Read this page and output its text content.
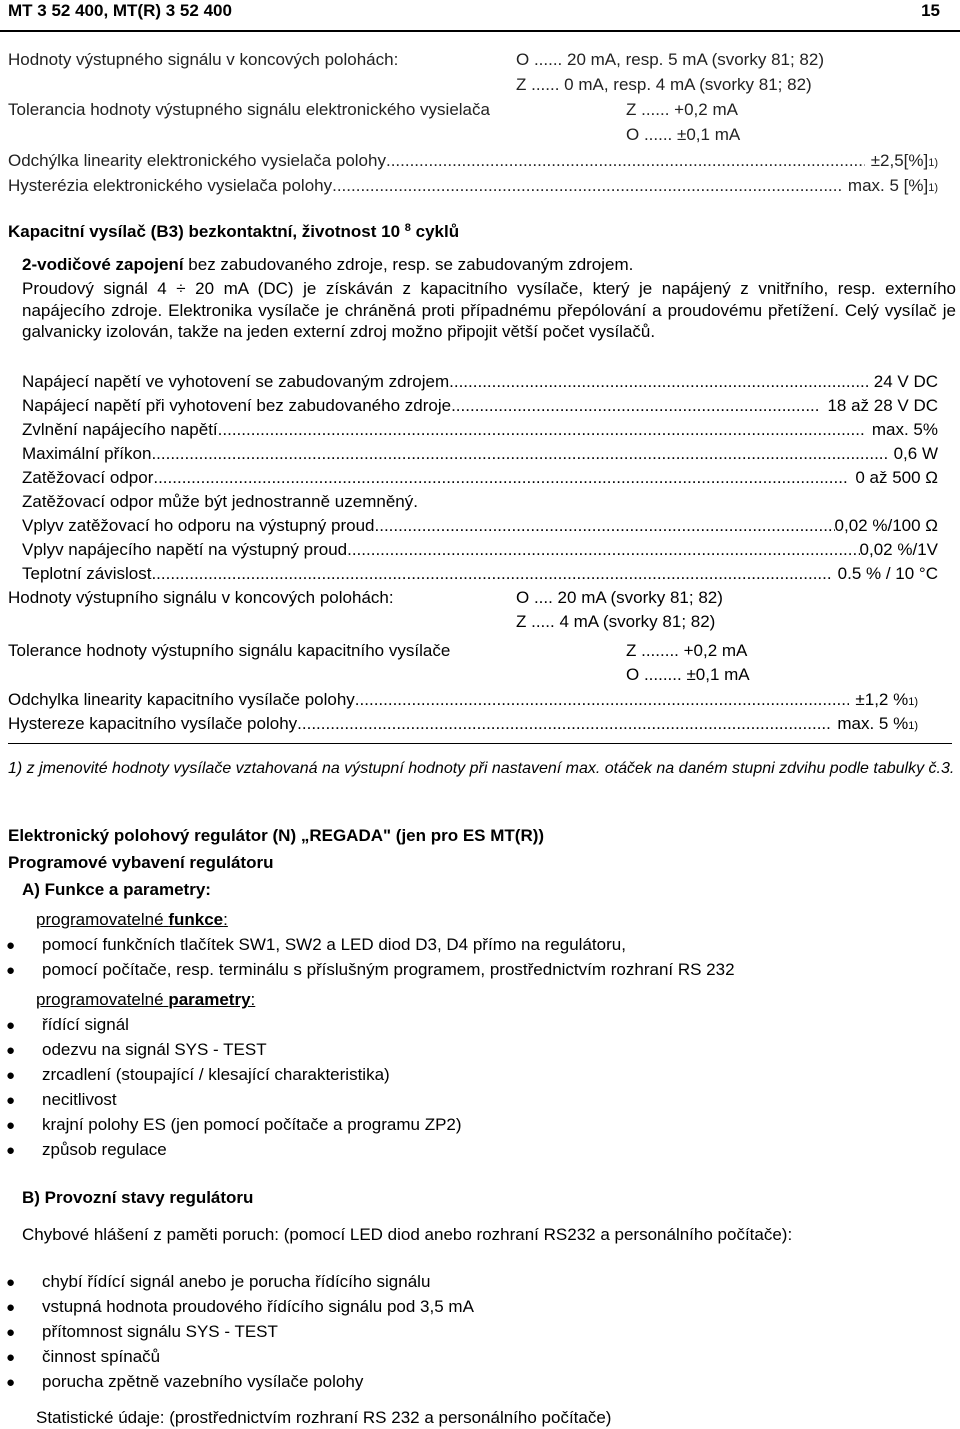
MT 3 52 400, MT(R) 3 52 400	15
Hodnoty výstupného signálu v koncových polohách:	O ...... 20 mA, resp. 5 mA (svorky 81; 82)
Z ...... 0 mA, resp. 4 mA (svorky 81; 82)
Tolerancia hodnoty výstupného signálu elektronického vysielača	Z ...... +0,2 mA
O ...... ±0,1 mA
Odchýlka linearity elektronického vysielača polohy .....	±2,5[%] 1)
Hysterézia elektronického vysielača polohy .....	max. 5 [%] 1)
Kapacitní vysílač (B3) bezkontaktní, životnost 10 $^8$ cyklů
2-vodičové zapojení bez zabudovaného zdroje, resp. se zabudovaným zdrojem.
Proudový signál 4 ÷ 20 mA (DC) je získáván z kapacitního vysílače, který je napájený z vnitřního, resp. externího napájecího zdroje. Elektronika vysílače je chráněná proti případnému přepólování a proudovému přetížení. Celý vysílač je galvanicky izolován, takže na jeden externí zdroj možno připojit větší počet vysílačů.
Napájecí napětí ve vyhotovení se zabudovaným zdrojem .....	24 V DC
Napájecí napětí při vyhotovení bez zabudovaného zdroje .....	18 až 28 V DC
Zvlnění napájecího napětí .....	max. 5%
Maximální příkon .....	0,6 W
Zatěžovací odpor .....	0 až 500 Ω
Zatěžovací odpor může být jednostranně uzemněný.
Vplyv zatěžovací ho odporu na výstupný proud .....	0,02 %/100 Ω
Vplyv napájecího napětí na výstupný proud .....	0,02 %/1V
Teplotní závislost .....	0.5 % / 10 °C
Hodnoty výstupního signálu v koncových polohách:	O .... 20 mA (svorky 81; 82)
Z ..... 4 mA (svorky 81; 82)
Tolerance hodnoty výstupního signálu kapacitního vysílače	Z ........ +0,2 mA
O ........ ±0,1 mA
Odchylka linearity kapacitního vysílače polohy .....	±1,2 % 1)
Hystereze kapacitního vysílače polohy .....	max. 5 % 1)
1) z jmenovité hodnoty vysílače vztahovaná na výstupní hodnoty při nastavení max. otáček na daném stupni zdvihu podle tabulky č.3.
Elektronický polohový regulátor (N) „REGADA" (jen pro ES MT(R))
Programové vybavení regulátoru
A) Funkce a parametry:
programovatelné funkce:
● pomocí funkčních tlačítek SW1, SW2 a LED diod D3, D4 přímo na regulátoru,
● pomocí počítače, resp. terminálu s příslušným programem, prostřednictvím rozhraní RS 232
programovatelné parametry:
● řídící signál
● odezvu na signál SYS - TEST
● zrcadlení (stoupající / klesající charakteristika)
● necitlivost
● krajní polohy ES (jen pomocí počítače a programu ZP2)
● způsob regulace
B) Provozní stavy regulátoru
Chybové hlášení z paměti poruch: (pomocí LED diod anebo rozhraní RS232 a personálního počítače):
● chybí řídící signál anebo je porucha řídícího signálu
● vstupná hodnota proudového řídícího signálu pod 3,5 mA
● přítomnost signálu SYS - TEST
● činnost spínačů
● porucha zpětně vazebního vysílače polohy
Statistické údaje: (prostřednictvím rozhraní RS 232 a personálního počítače)
